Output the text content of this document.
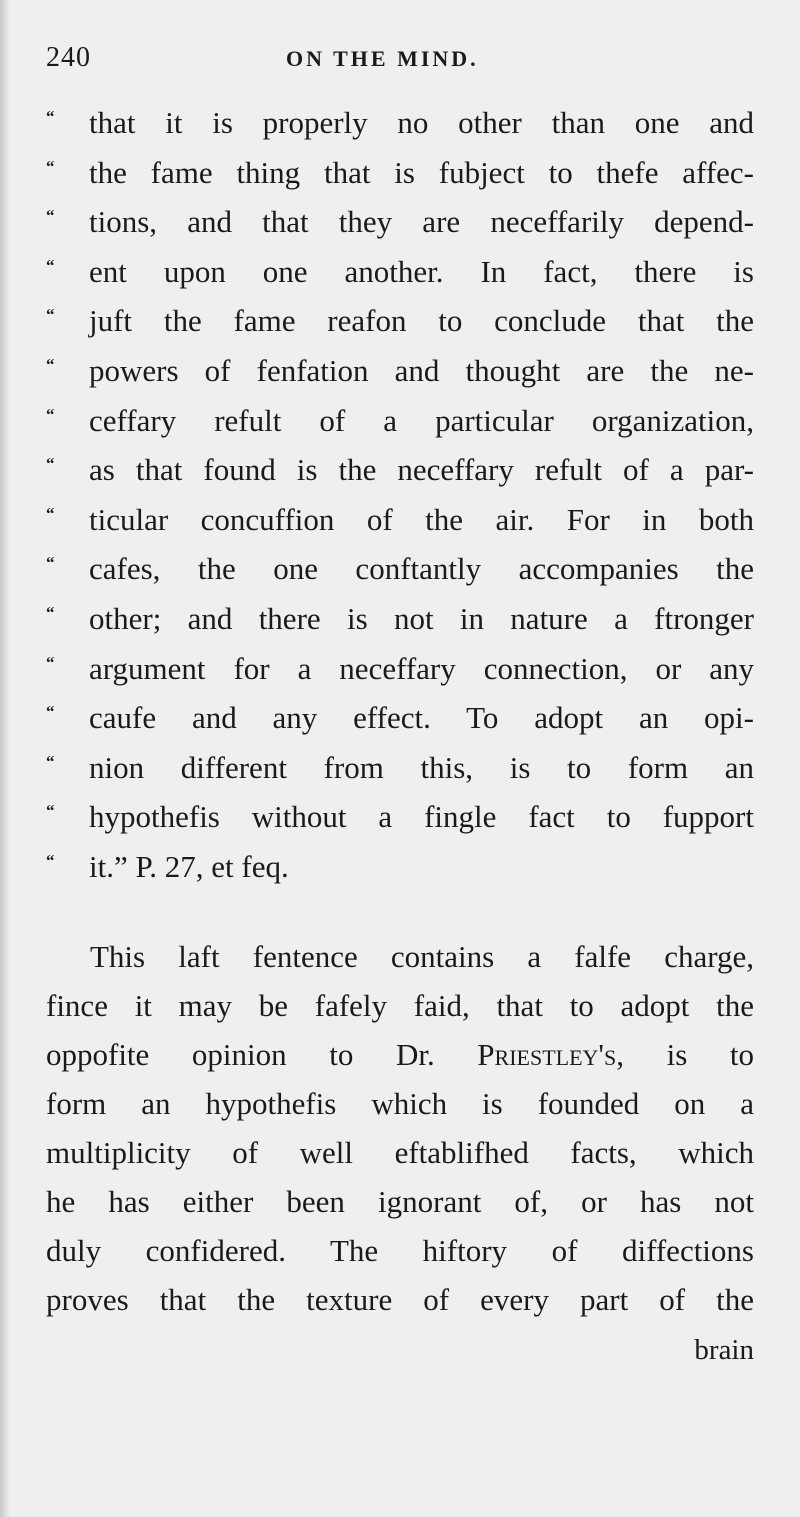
240	ON THE MIND.
“ that it is properly no other than one and
“ the fame thing that is fubject to thefe affec-
“ tions, and that they are neceffarily depend-
“ ent upon one another. In fact, there is
“ juft the fame reafon to conclude that the
“ powers of fenfation and thought are the ne-
“ ceffary refult of a particular organization,
“ as that found is the neceffary refult of a par-
“ ticular concuffion of the air. For in both
“ cafes, the one conftantly accompanies the
“ other; and there is not in nature a ftronger
“ argument for a neceffary connection, or any
“ caufe and any effect. To adopt an opi-
“ nion different from this, is to form an
“ hypothefis without a fingle fact to fupport
“ it.” P. 27, et feq.
This laft fentence contains a falfe charge,
fince it may be fafely faid, that to adopt the
oppofite opinion to Dr. Priestley's, is to
form an hypothefis which is founded on a
multiplicity of well eftablifhed facts, which
he has either been ignorant of, or has not
duly confidered. The hiftory of diffections
proves that the texture of every part of the
brain
